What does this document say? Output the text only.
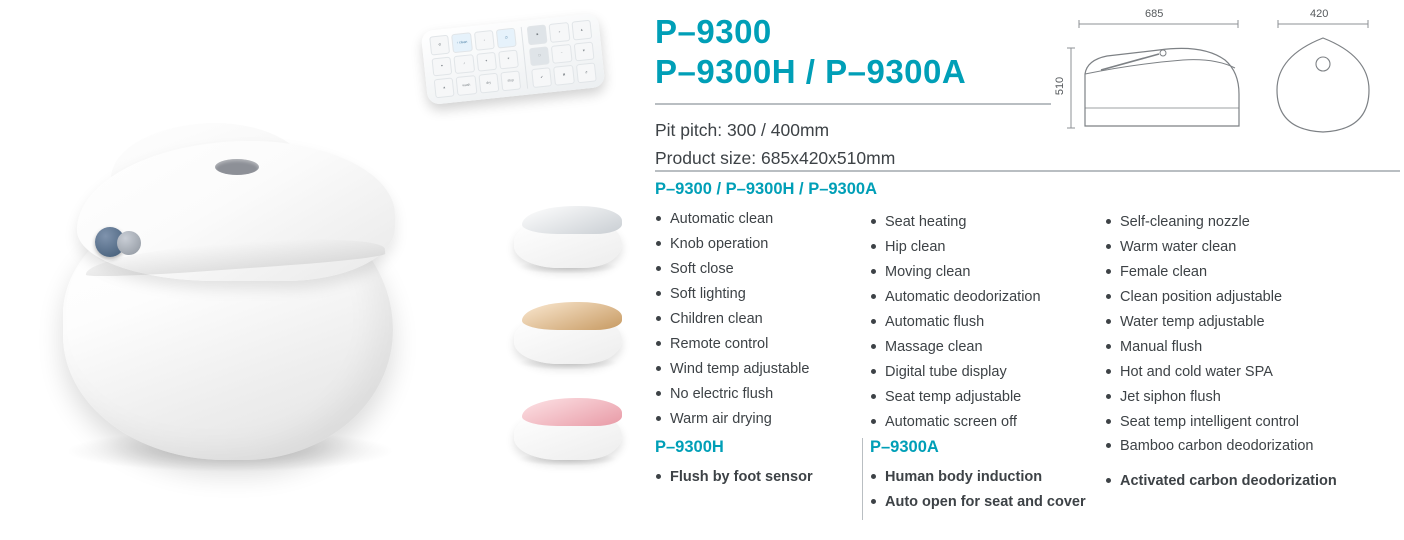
⚙	↑ clean	↓
⏻
●
♪
✦
✶
▲	wash	dry
stop
■
+
▲
□
−
▼
✔
✖
↺
P–9300
P–9300H / P–9300A
Pit pitch: 300 / 400mm
Product size: 685x420x510mm
685
510
420
P–9300 / P–9300H / P–9300A
Automatic clean
Knob operation
Soft close
Soft lighting
Children clean
Remote control
Wind temp adjustable
No electric flush
Warm air drying
Seat heating
Hip clean
Moving clean
Automatic deodorization
Automatic flush
Massage clean
Digital tube display
Seat temp adjustable
Automatic screen off
Self-cleaning nozzle
Warm water clean
Female clean
Clean position adjustable
Water temp adjustable
Manual flush
Hot and cold water SPA
Jet siphon flush
Seat temp intelligent control
Bamboo carbon deodorization
P–9300H
Flush by foot sensor
P–9300A
Human body induction
Auto open for seat and cover
Activated carbon deodorization
